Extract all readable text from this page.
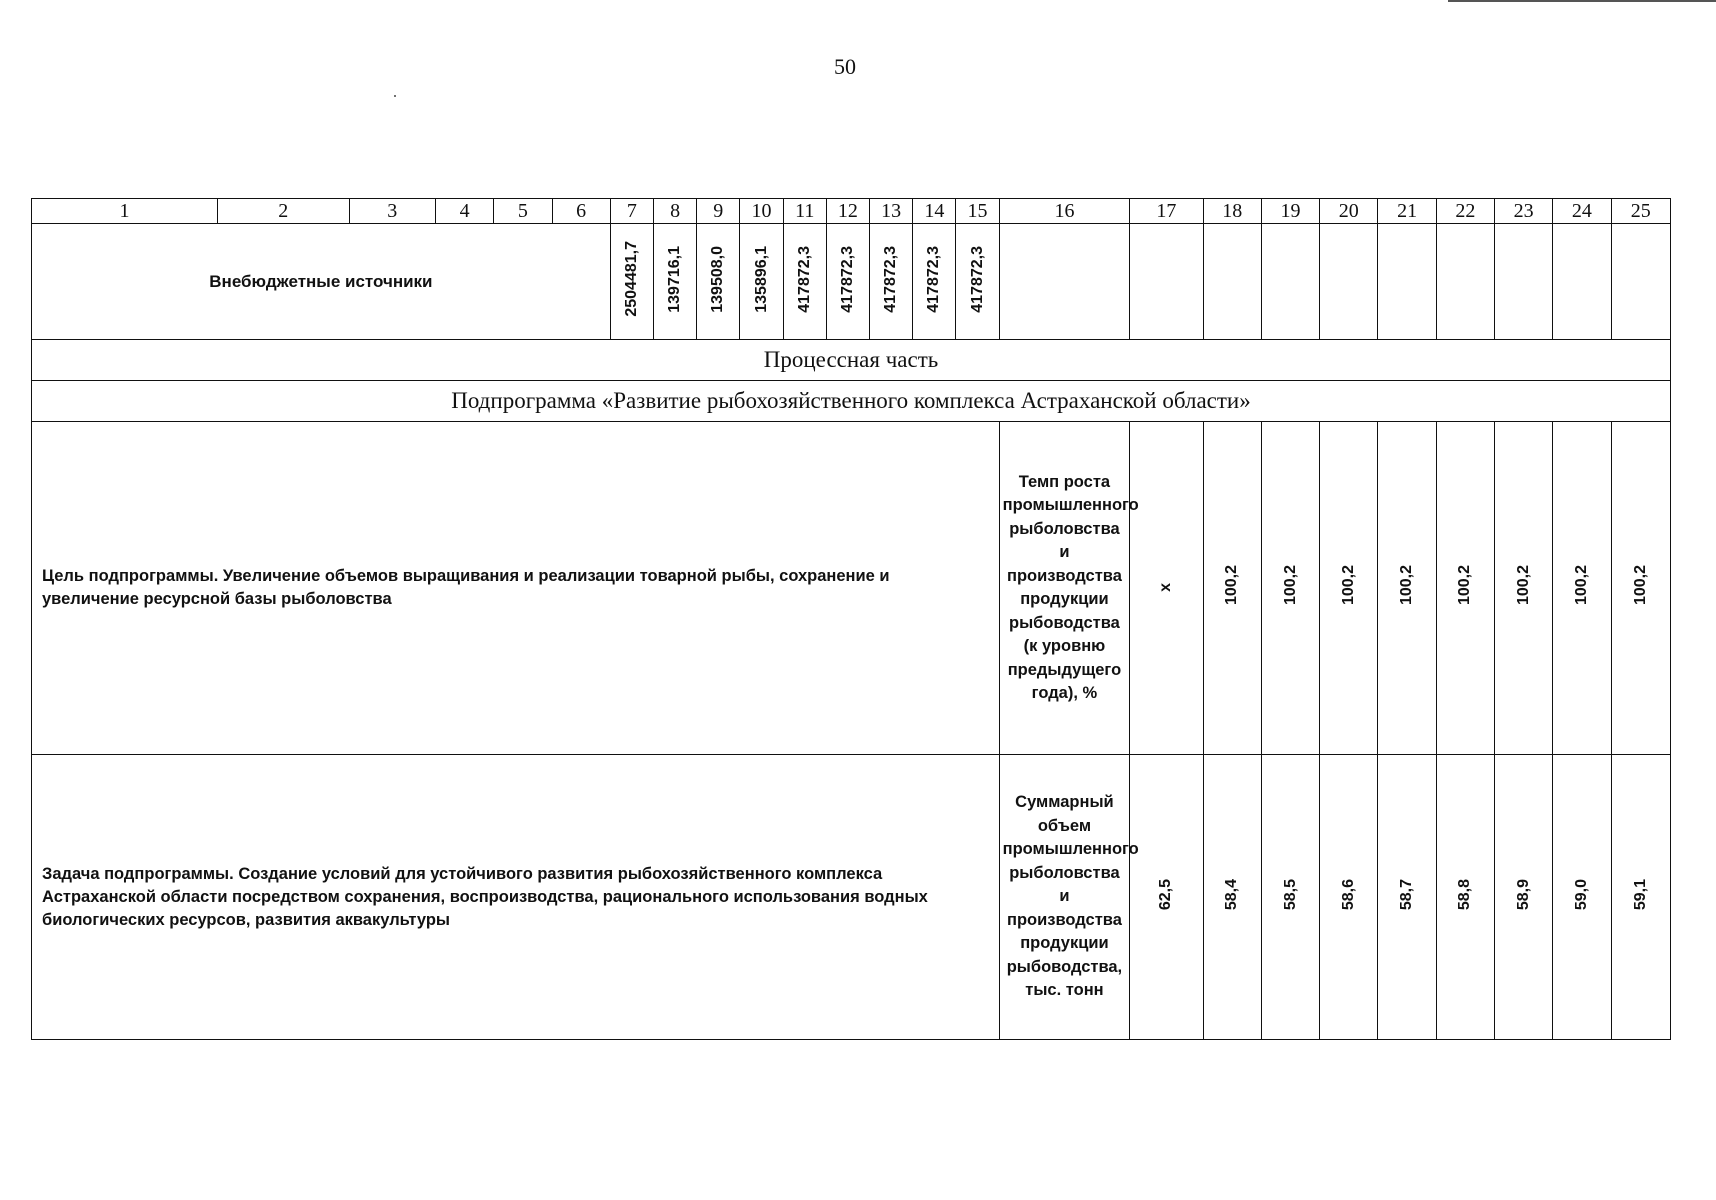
50
1	2	3	4	5	6	7	8	9	10	11	12	13	14	15	16	17	18	19	20	21	22	23	24	25
Внебюджетные источники						2504481,7	139716,1	139508,0	135896,1	417872,3	417872,3	417872,3	417872,3	417872,3										
Процессная часть																								
Подпрограмма «Развитие рыбохозяйственного комплекса Астраханской области»																								
Цель подпрограммы. Увеличение объемов выращивания и реализации товарной рыбы, сохранение и увеличение ресурсной базы рыболовства															Темп роста промышленного рыболовства и производства продукции рыбоводства (к уровню предыдущего года), %	x	100,2	100,2	100,2	100,2	100,2	100,2	100,2	100,2
Задача подпрограммы. Создание условий для устойчивого развития рыбохозяйственного комплекса Астраханской области посредством сохранения, воспроизводства, рационального использования водных биологических ресурсов, развития аквакультуры															Суммарный объем промышленного рыболовства и производства продукции рыбоводства, тыс. тонн	62,5	58,4	58,5	58,6	58,7	58,8	58,9	59,0	59,1
